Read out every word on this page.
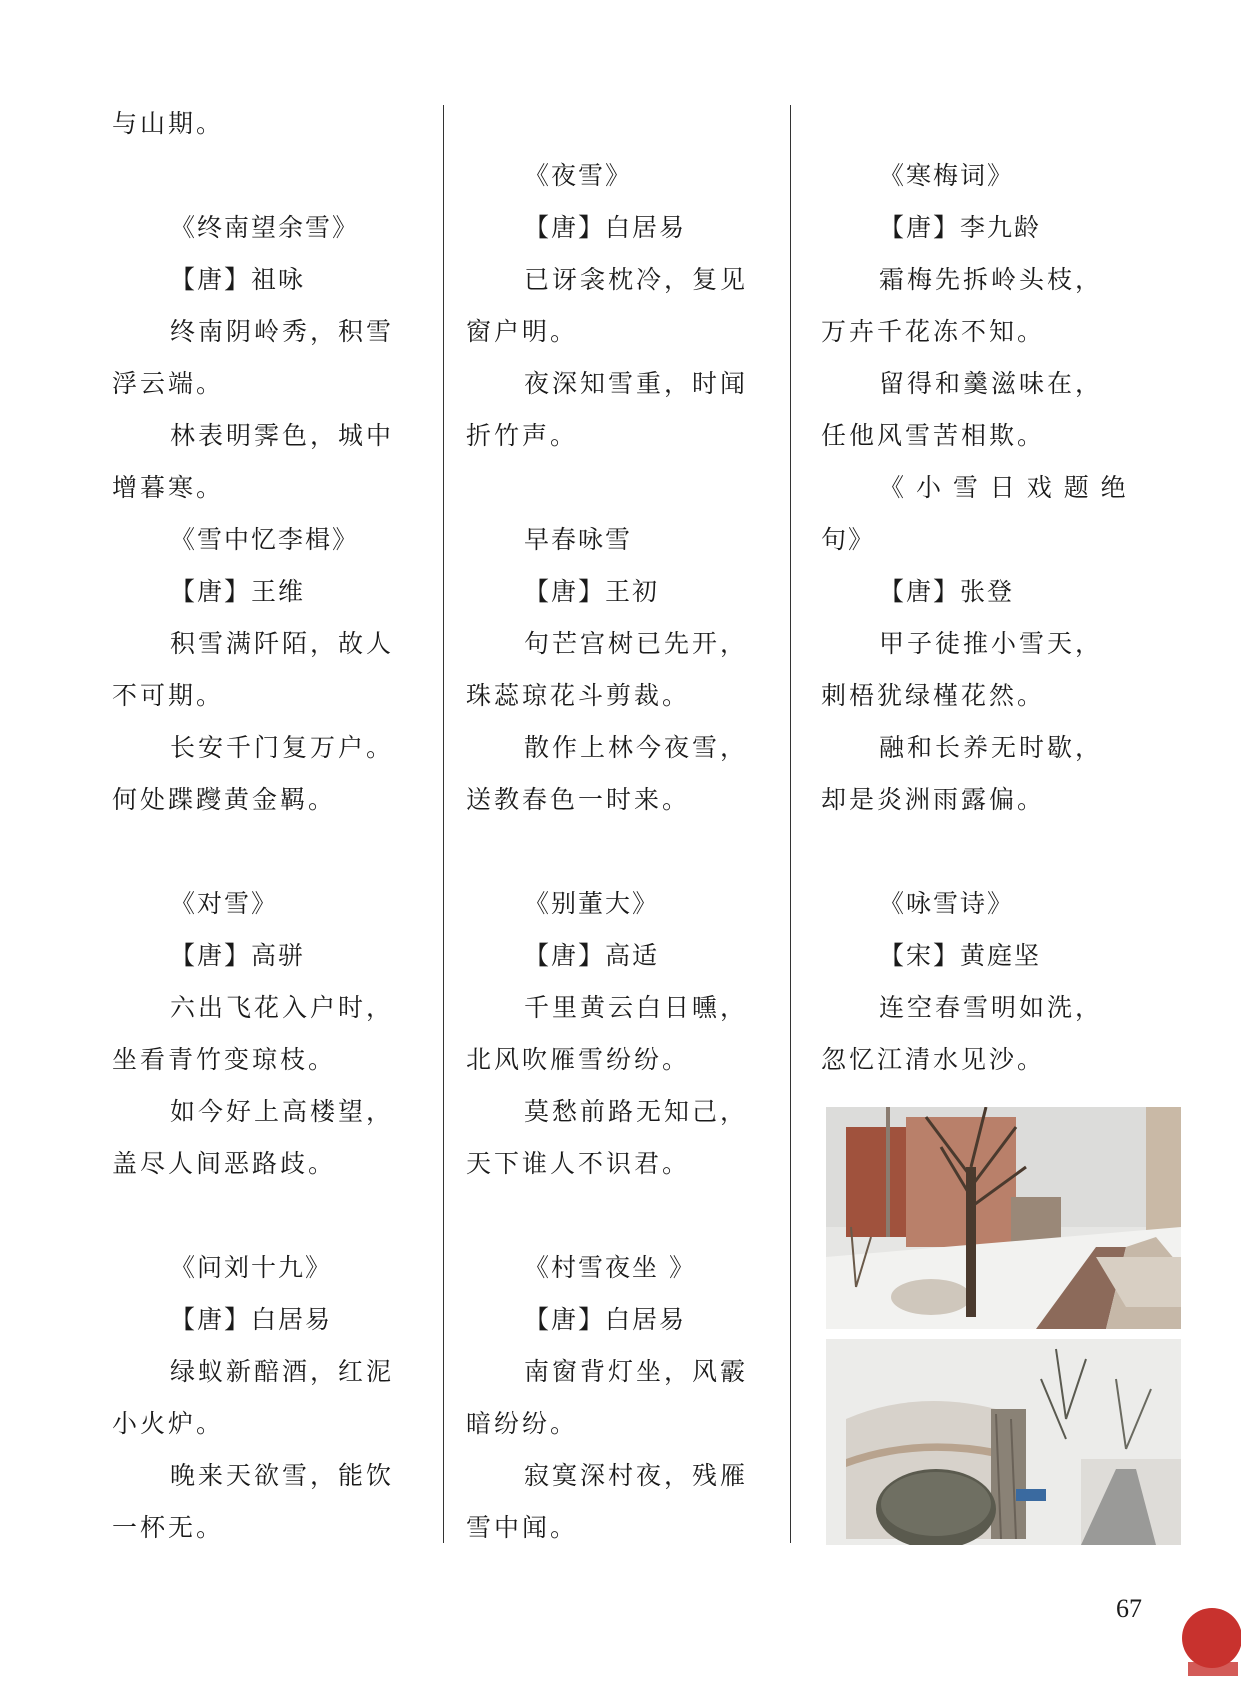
与山期。
《终南望余雪》
【唐】祖咏
终南阴岭秀，积雪
浮云端。
林表明霁色，城中
增暮寒。
《雪中忆李楫》
【唐】王维
积雪满阡陌，故人
不可期。
长安千门复万户。
何处蹀躞黄金羁。
《对雪》
【唐】高骈
六出飞花入户时，
坐看青竹变琼枝。
如今好上高楼望，
盖尽人间恶路歧。
《问刘十九》
【唐】白居易
绿蚁新醅酒，红泥
小火炉。
晚来天欲雪，能饮
一杯无。
《夜雪》
【唐】白居易
已讶衾枕冷，复见
窗户明。
夜深知雪重，时闻
折竹声。
早春咏雪
【唐】王初
句芒宫树已先开，
珠蕊琼花斗剪裁。
散作上林今夜雪，
送教春色一时来。
《别董大》
【唐】高适
千里黄云白日曛，
北风吹雁雪纷纷。
莫愁前路无知己，
天下谁人不识君。
《村雪夜坐 》
【唐】白居易
南窗背灯坐，风霰
暗纷纷。
寂寞深村夜，残雁
雪中闻。
《寒梅词》
【唐】李九龄
霜梅先拆岭头枝，
万卉千花冻不知。
留得和羹滋味在，
任他风雪苦相欺。
《 小 雪 日 戏 题 绝
句》
【唐】张登
甲子徒推小雪天，
刺梧犹绿槿花然。
融和长养无时歇，
却是炎洲雨露偏。
《咏雪诗》
【宋】黄庭坚
连空春雪明如洗，
忽忆江清水见沙。
67
